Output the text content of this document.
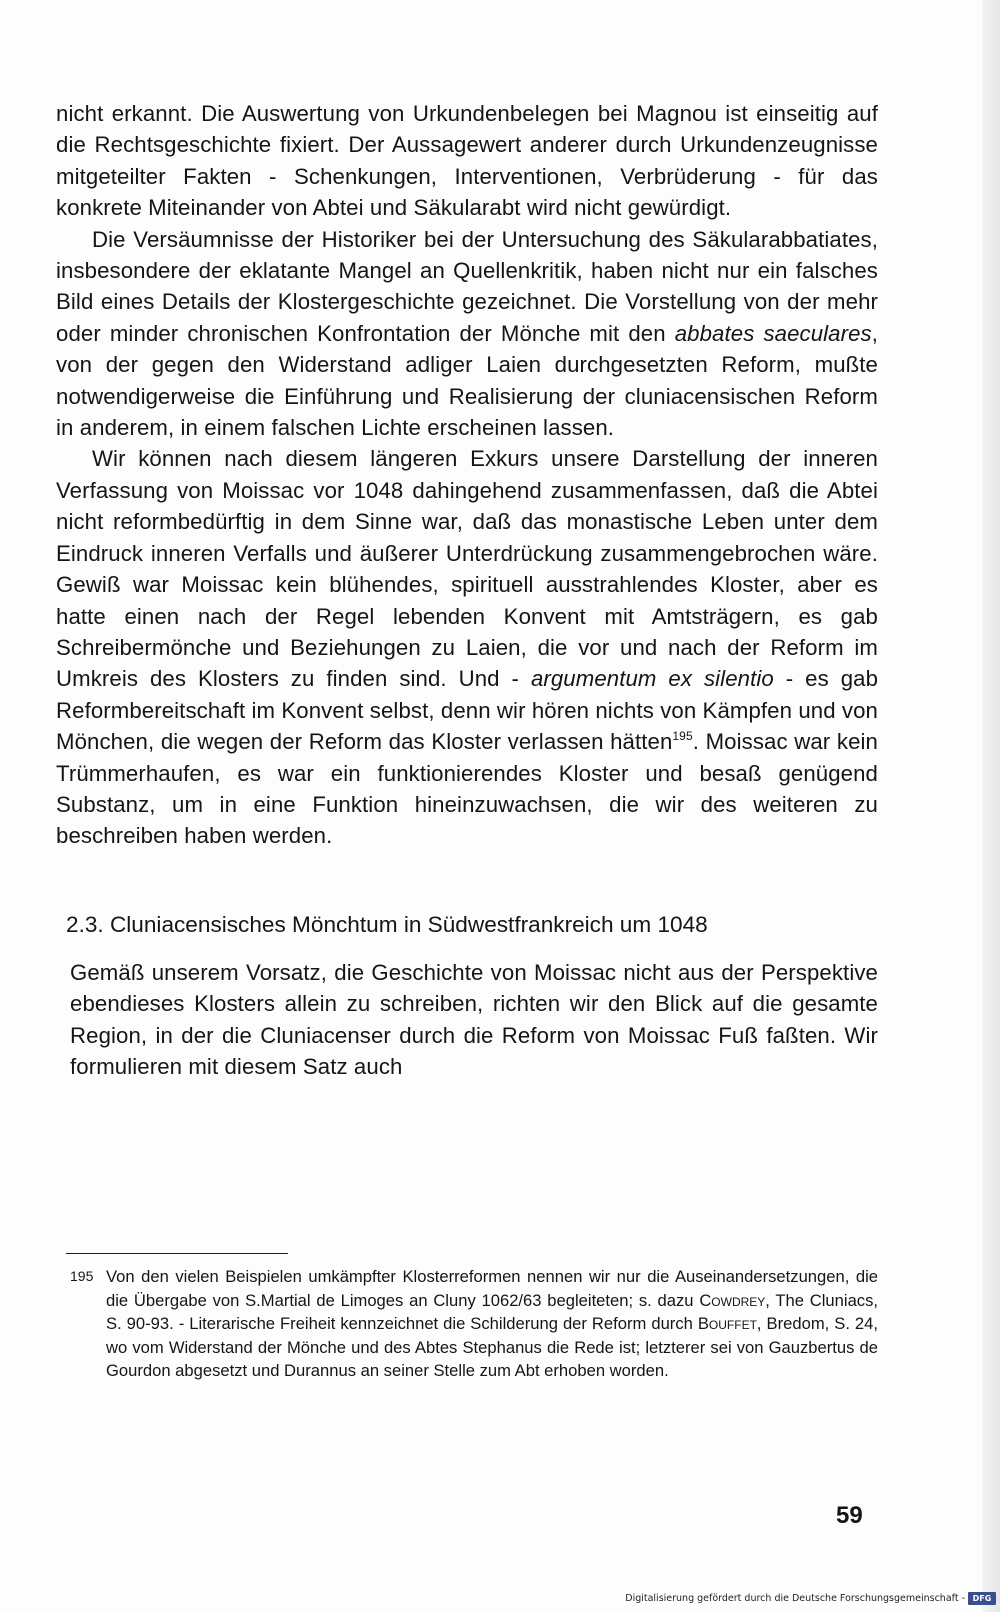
nicht erkannt. Die Auswertung von Urkundenbelegen bei Magnou ist einseitig auf die Rechtsgeschichte fixiert. Der Aussagewert anderer durch Urkundenzeugnisse mitgeteilter Fakten - Schenkungen, Interventionen, Verbrüderung - für das konkrete Miteinander von Abtei und Säkularabt wird nicht gewürdigt.

Die Versäumnisse der Historiker bei der Untersuchung des Säkularabbatiates, insbesondere der eklatante Mangel an Quellenkritik, haben nicht nur ein falsches Bild eines Details der Klostergeschichte gezeichnet. Die Vorstellung von der mehr oder minder chronischen Konfrontation der Mönche mit den abbates saeculares, von der gegen den Widerstand adliger Laien durchgesetzten Reform, mußte notwendigerweise die Einführung und Realisierung der cluniacensischen Reform in anderem, in einem falschen Lichte erscheinen lassen.

Wir können nach diesem längeren Exkurs unsere Darstellung der inneren Verfassung von Moissac vor 1048 dahingehend zusammenfassen, daß die Abtei nicht reformbedürftig in dem Sinne war, daß das monastische Leben unter dem Eindruck inneren Verfalls und äußerer Unterdrückung zusammengebrochen wäre. Gewiß war Moissac kein blühendes, spirituell ausstrahlendes Kloster, aber es hatte einen nach der Regel lebenden Konvent mit Amtsträgern, es gab Schreibermönche und Beziehungen zu Laien, die vor und nach der Reform im Umkreis des Klosters zu finden sind. Und - argumentum ex silentio - es gab Reformbereitschaft im Konvent selbst, denn wir hören nichts von Kämpfen und von Mönchen, die wegen der Reform das Kloster verlassen hätten$^{195}$. Moissac war kein Trümmerhaufen, es war ein funktionierendes Kloster und besaß genügend Substanz, um in eine Funktion hineinzuwachsen, die wir des weiteren zu beschreiben haben werden.

2.3. Cluniacensisches Mönchtum in Südwestfrankreich um 1048

Gemäß unserem Vorsatz, die Geschichte von Moissac nicht aus der Perspektive ebendieses Klosters allein zu schreiben, richten wir den Blick auf die gesamte Region, in der die Cluniacenser durch die Reform von Moissac Fuß faßten. Wir formulieren mit diesem Satz auch

195 Von den vielen Beispielen umkämpfter Klosterreformen nennen wir nur die Auseinandersetzungen, die die Übergabe von S.Martial de Limoges an Cluny 1062/63 begleiteten; s. dazu Cowdrey, The Cluniacs, S. 90-93. - Literarische Freiheit kennzeichnet die Schilderung der Reform durch Bouffet, Bredom, S. 24, wo vom Widerstand der Mönche und des Abtes Stephanus die Rede ist; letzterer sei von Gauzbertus de Gourdon abgesetzt und Durannus an seiner Stelle zum Abt erhoben worden.
59
Digitalisierung gefördert durch die Deutsche Forschungsgemeinschaft - DFG
